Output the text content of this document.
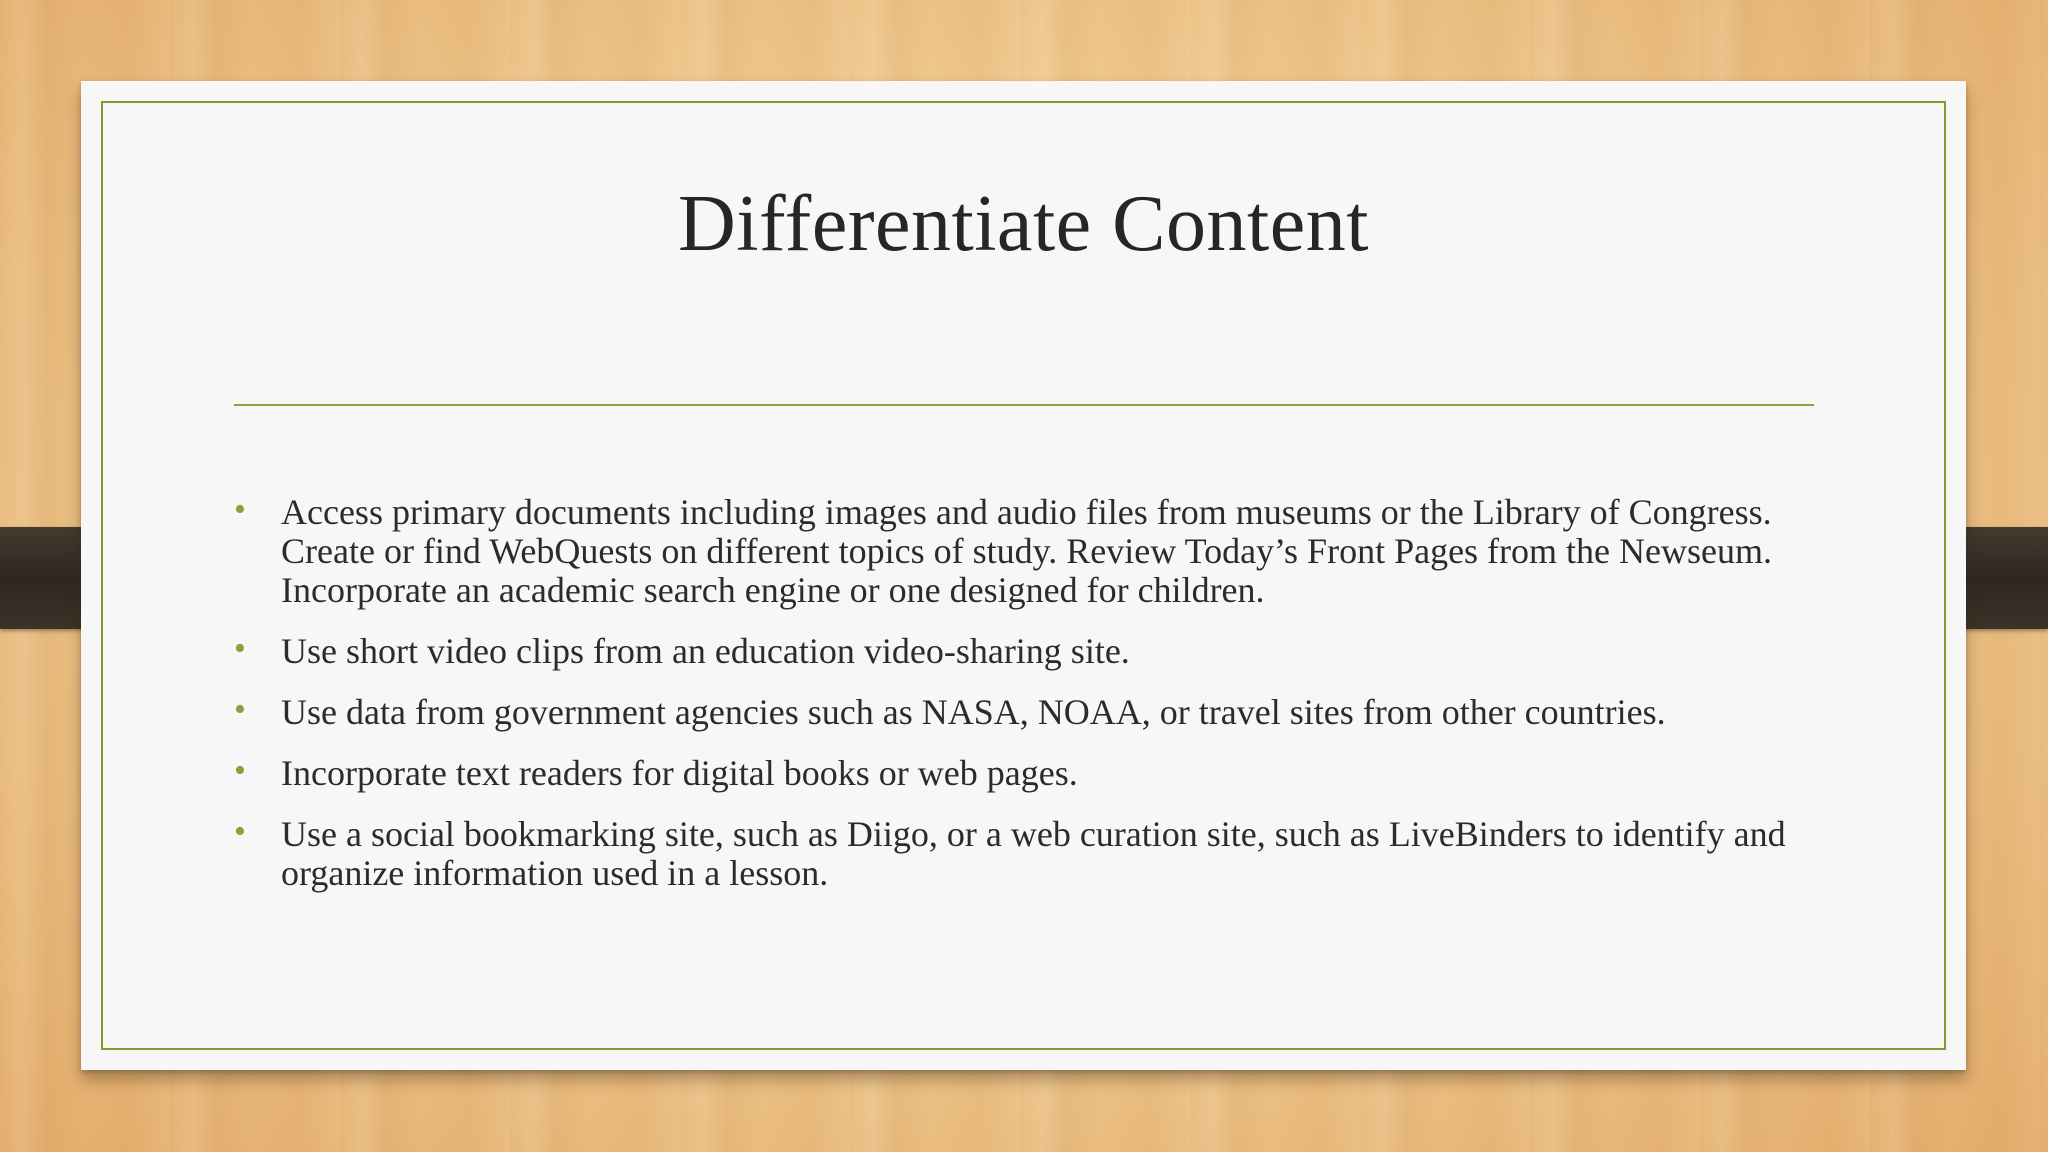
Differentiate Content
• Access primary documents including images and audio files from museums or the Library of Congress. Create or find WebQuests on different topics of study. Review Today’s Front Pages from the Newseum. Incorporate an academic search engine or one designed for children.
• Use short video clips from an education video-sharing site.
• Use data from government agencies such as NASA, NOAA, or travel sites from other countries.
• Incorporate text readers for digital books or web pages.
• Use a social bookmarking site, such as Diigo, or a web curation site, such as LiveBinders to identify and organize information used in a lesson.
